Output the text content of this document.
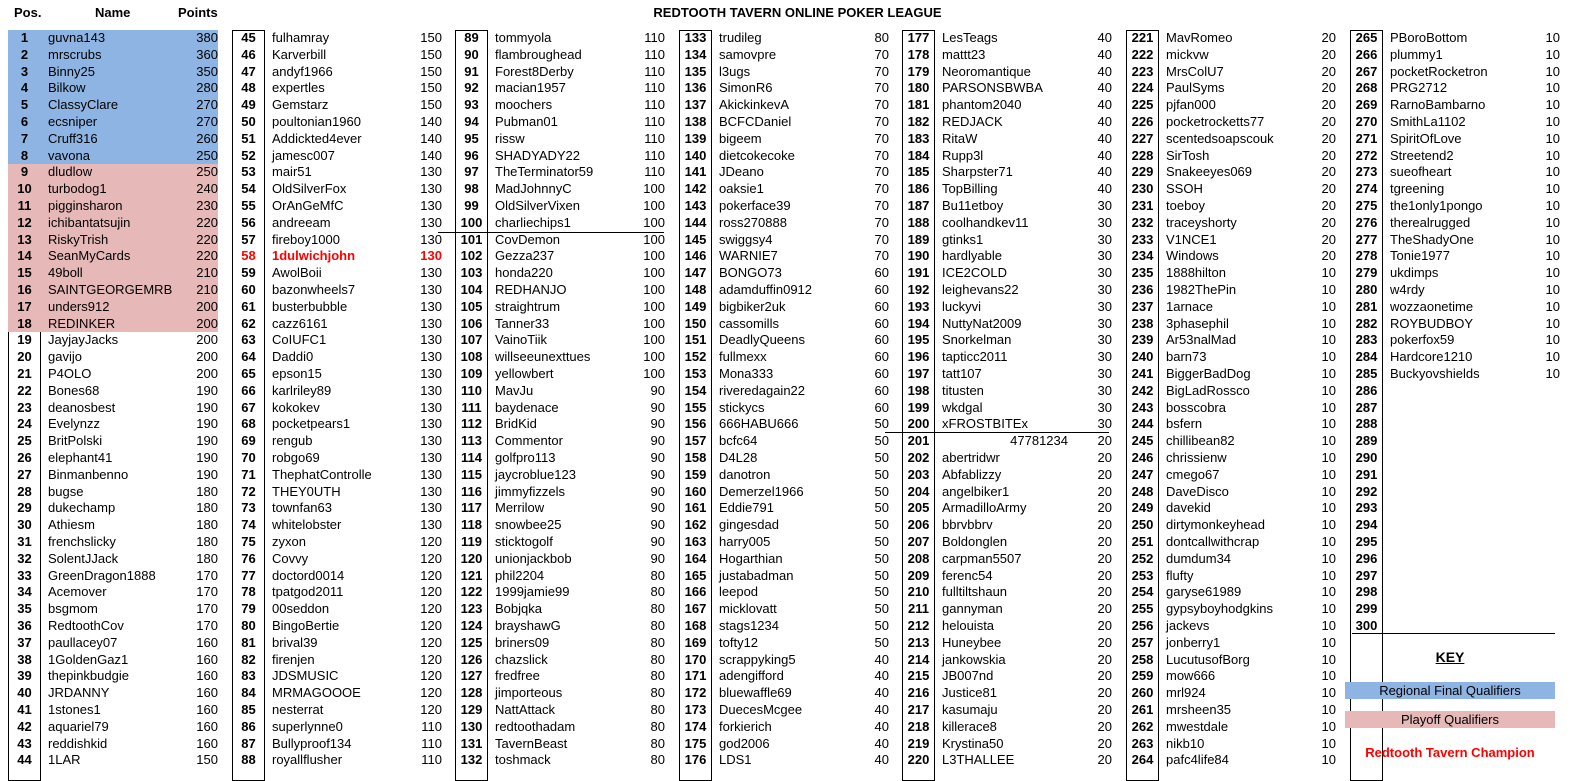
Pos.	Name	Points	REDTOOTH TAVERN ONLINE POKER LEAGUE
1	guvna143	380
2	mrscrubs	360
3	Binny25	350
4	Bilkow	280
5	ClassyClare	270
6	ecsniper	270
7	Cruff316	260
8	vavona	250
9	dludlow	250
10	turbodog1	240
11	pigginsharon	230
12	ichibantatsujin	220
13	RiskyTrish	220
14	SeanMyCards	220
15	49boll	210
16	SAINTGEORGEMRB 210
17	unders912	200
18	REDINKER	200
19	JayjayJacks	200
20	gavijo	200
21	P4OLO	200
22	Bones68	190
23	deanosbest	190
24	Evelynzz	190
25	BritPolski	190
26	elephant41	190
27	Binmanbenno	190
28	bugse	180
29	dukechamp	180
30	Athiesm	180
31	frenchslicky	180
32	SolentJJack	180
33	GreenDragon1888	170
34	Acemover	170
35	bsgmom	170
36	RedtoothCov	170
37	paullacey07	160
38	1GoldenGaz1	160
39	thepinkbudgie	160
40	JRDANNY	160
41	1stones1	160
42	aquariel79	160
43	reddishkid	160
44	1LAR	150
45	fulhamray	150
46	Karverbill	150
47	andyf1966	150
48	expertles	150
49	Gemstarz	150
50	poultonian1960	140
51	Addickted4ever	140
52	jamesc007	140
53	mair51	130
54	OldSilverFox	130
55	OrAnGeMfC	130
56	andreeam	130
57	fireboy1000	130
58	1dulwichjohn	130
59	AwolBoii	130
60	bazonwheels7	130
61	busterbubble	130
62	cazz6161	130
63	CoIUFC1	130
64	Daddi0	130
65	epson15	130
66	karlriley89	130
67	kokokev	130
68	pocketpears1	130
69	rengub	130
70	robgo69	130
71	ThephatControlle	130
72	THEY0UTH	130
73	townfan63	130
74	whitelobster	130
75	zyxon	120
76	Covvy	120
77	doctord0014	120
78	tpatgod2011	120
79	00seddon	120
80	BingoBertie	120
81	brival39	120
82	firenjen	120
83	JDSMUSIC	120
84	MRMAGOOOE	120
85	nesterrat	120
86	superlynne0	110
87	Bullyproof134	110
88	royallflusher	110
89	tommyola	110
90	flambroughead	110
91	Forest8Derby	110
92	macian1957	110
93	moochers	110
94	Pubman01	110
95	rissw	110
96	SHADYADY22	110
97	TheTerminator59	110
98	MadJohnnyC	100
99	OldSilverVixen	100
100 charliechips1	100
101 CovDemon	100
102 Gezza237	100
103 honda220	100
104 REDHANJO	100
105 straightrum	100
106 Tanner33	100
107 VainoTiik	100
108 willseeunexttues	100
109 yellowbert	100
110	MavJu	90
111	baydenace	90
112	BridKid	90
113	Commentor	90
114	golfpro113	90
115	jaycroblue123	90
116	jimmyfizzels	90
117	Merrilow	90
118	snowbee25	90
119	sticktogolf	90
120 unionjackbob	90
121 phil2204	80
122 1999jamie99	80
123 Bobjqka	80
124 brayshawG	80
125 briners09	80
126 chazslick	80
127 fredfree	80
128 jimporteous	80
129 NattAttack	80
130 redtoothadam	80
131 TavernBeast	80
132 toshmack	80
133 trudileg	80
134 samovpre	70
135 l3ugs	70
136 SimonR6	70
137 AkickinkevA	70
138 BCFCDaniel	70
139 bigeem	70
140 dietcokecoke	70
141 JDeano	70
142 oaksie1	70
143 pokerface39	70
144 ross270888	70
145 swiggsy4	70
146 WARNIE7	70
147 BONGO73	60
148 adamduffin0912	60
149 bigbiker2uk	60
150 cassomills	60
151 DeadlyQueens	60
152 fullmexx	60
153 Mona333	60
154 riveredagain22	60
155 stickycs	60
156 666HABU666	50
157 bcfc64	50
158 D4L28	50
159 danotron	50
160 Demerzel1966	50
161 Eddie791	50
162 gingesdad	50
163 harry005	50
164 Hogarthian	50
165 justabadman	50
166 leepod	50
167 micklovatt	50
168 stags1234	50
169 tofty12	50
170 scrappyking5	40
171 adengifford	40
172 bluewaffle69	40
173 DuecesMcgee	40
174 forkierich	40
175 god2006	40
176 LDS1	40
177 LesTeags	40
178 mattt23	40
179 Neoromantique	40
180 PARSONSBWBA	40
181 phantom2040	40
182 REDJACK	40
183 RitaW	40
184 Rupp3l	40
185 Sharpster71	40
186 TopBilling	40
187 Bu11etboy	30
188 coolhandkev11	30
189 gtinks1	30
190 hardlyable	30
191 ICE2COLD	30
192 leighevans22	30
193 luckyvi	30
194 NuttyNat2009	30
195 Snorkelman	30
196 tapticc2011	30
197 tatt107	30
198 titusten	30
199 wkdgal	30
200 xFROSTBITEx	30
201	47781234 20
202 abertridwr	20
203 Abfablizzy	20
204 angelbiker1	20
205 ArmadilloArmy	20
206 bbrvbbrv	20
207 Boldonglen	20
208 carpman5507	20
209 ferenc54	20
210 fulltiltshaun	20
211	gannyman	20
212 helouista	20
213 Huneybee	20
214 jankowskia	20
215 JB007nd	20
216 Justice81	20
217 kasumaju	20
218 killerace8	20
219 Krystina50	20
220 L3THALLEE	20
221 MavRomeo	20
222 mickvw	20
223 MrsColU7	20
224 PaulSyms	20
225 pjfan000	20
226 pocketrocketts77	20
227 scentedsoapscouk	20
228 SirTosh	20
229 Snakeeyes069	20
230 SSOH	20
231 toeboy	20
232 traceyshorty	20
233 V1NCE1	20
234 Windows	20
235 1888hilton	10
236 1982ThePin	10
237 1arnace	10
238 3phasephil	10
239 Ar53nalMad	10
240 barn73	10
241 BiggerBadDog	10
242 BigLadRossco	10
243 bosscobra	10
244 bsfern	10
245 chillibean82	10
246 chrissienw	10
247 cmego67	10
248 DaveDisco	10
249 davekid	10
250 dirtymonkeyhead	10
251 dontcallwithcrap	10
252 dumdum34	10
253 flufty	10
254 garyse61989	10
255 gypsyboyhodgkins	10
256 jackevs	10
257 jonberry1	10
258 LucutusofBorg	10
259 mow666	10
260 mrl924	10
261 mrsheen35	10
262 mwestdale	10
263 nikb10	10
264 pafc4life84	10
265 PBoroBottom	10
266 plummy1	10
267 pocketRocketron	10
268 PRG2712	10
269 RarnoBambarno	10
270 SmithLa1102	10
271 SpiritOfLove	10
272 Streetend2	10
273 sueofheart	10
274 tgreening	10
275 the1only1pongo	10
276 therealrugged	10
277 TheShadyOne	10
278 Tonie1977	10
279 ukdimps	10
280 w4rdy	10
281 wozzaonetime	10
282 ROYBUDBOY	10
283 pokerfox59	10
284 Hardcore1210	10
285 Buckyovshields	10
286
287
288
289
290
291
292
293
294
295
296
297
298
299
300
KEY
Regional Final Qualifiers
Playoff Qualifiers
Redtooth Tavern Champion
